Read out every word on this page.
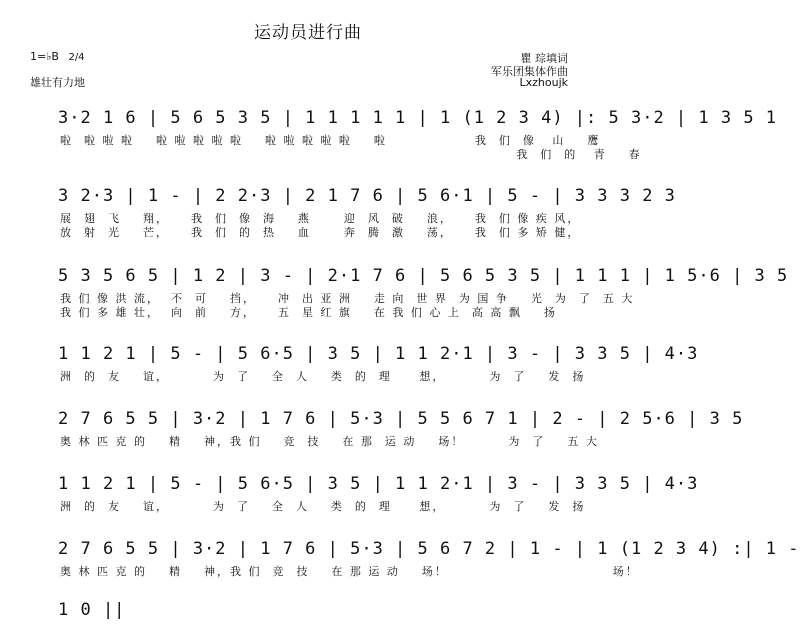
运动员进行曲
1=♭B 2/4
雄壮有力地
瞿 琮填词
军乐团集体作曲
Lxzhoujk
3·2 1 6 | 5 6 5 3 5 | 1 1 1 1 1 | 1 (1 2 3 4) |: 5 3·2 | 1 3 5 1
啦  啦 啦 啦    啦 啦 啦 啦 啦    啦 啦 啦 啦 啦    啦                我  们  像   山    鹰
我  们  的   青    春
3 2·3 | 1 - | 2 2·3 | 2 1 7 6 | 5 6·1 | 5 - | 3 3 3 2 3
展  翅  飞    翔，    我  们  像  海    燕      迎  风  破    浪，    我  们 像 疾 风，
放  射  光    芒，    我  们  的  热    血      奔  腾  激    荡，    我  们 多 矫 健，
5 3 5 6 5 | 1 2 | 3 - | 2·1 7 6 | 5 6 5 3 5 | 1 1 1 | 1 5·6 | 3 5
我 们 像 洪 流，  不  可    挡，    冲  出 亚 洲    走 向  世 界  为 国 争    光  为  了  五 大
我 们 多 雄 壮，  向  前    方，    五  星 红 旗    在 我 们 心 上  高 高 飘    扬
1 1 2 1 | 5 - | 5 6·5 | 3 5 | 1 1 2·1 | 3 - | 3 3 5 | 4·3
洲  的  友    谊，        为  了    全  人    类  的  理     想，        为  了    发  扬
2 7 6 5 5 | 3·2 | 1 7 6 | 5·3 | 5 5 6 7 1 | 2 - | 2 5·6 | 3 5
奥 林 匹 克 的    精    神，我 们    竞  技    在 那  运 动    场！        为  了    五 大
1 1 2 1 | 5 - | 5 6·5 | 3 5 | 1 1 2·1 | 3 - | 3 3 5 | 4·3
洲  的  友    谊，        为  了    全  人    类  的  理     想，        为  了    发  扬
2 7 6 5 5 | 3·2 | 1 7 6 | 5·3 | 5 6 7 2 | 1 - | 1 (1 2 3 4) :| 1 -
奥 林 匹 克 的    精    神，我 们  竞  技    在 那 运 动    场！                              场！
1 0 ||
